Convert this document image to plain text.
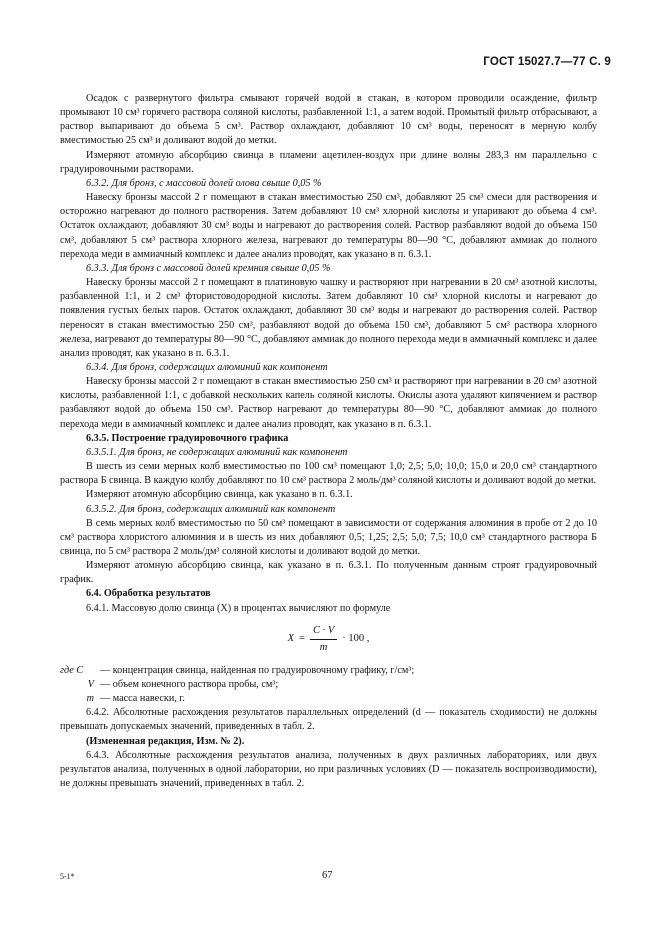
ГОСТ 15027.7—77 С. 9

Осадок с развернутого фильтра смывают горячей водой в стакан, в котором проводили осаждение, фильтр промывают 10 см³ горячего раствора соляной кислоты, разбавленной 1:1, а затем водой. Промытый фильтр отбрасывают, а раствор выпаривают до объема 5 см³. Раствор охлаждают, добавляют 10 см³ воды, переносят в мерную колбу вместимостью 25 см³ и доливают водой до метки.

Измеряют атомную абсорбцию свинца в пламени ацетилен-воздух при длине волны 283,3 нм параллельно с градуировочными растворами.

6.3.2. Для бронз, с массовой долей олова свыше 0,05 %

Навеску бронзы массой 2 г помещают в стакан вместимостью 250 см³, добавляют 25 см³ смеси для растворения и осторожно нагревают до полного растворения. Затем добавляют 10 см³ хлорной кислоты и упаривают до объема 4 см³. Остаток охлаждают, добавляют 30 см³ воды и нагревают до растворения солей. Раствор разбавляют водой до объема 150 см³, добавляют 5 см³ раствора хлорного железа, нагревают до температуры 80—90 °С, добавляют аммиак до полного перехода меди в аммиачный комплекс и далее анализ проводят, как указано в п. 6.3.1.

6.3.3. Для бронз с массовой долей кремния свыше 0,05 %

Навеску бронзы массой 2 г помещают в платиновую чашку и растворяют при нагревании в 20 см³ азотной кислоты, разбавленной 1:1, и 2 см³ фтористоводородной кислоты. Затем добавляют 10 см³ хлорной кислоты и нагревают до появления густых белых паров. Остаток охлаждают, добавляют 30 см³ воды и нагревают до растворения солей. Раствор переносят в стакан вместимостью 250 см³, разбавляют водой до объема 150 см³, добавляют 5 см³ раствора хлорного железа, нагревают до температуры 80—90 °С, добавляют аммиак до полного перехода меди в аммиачный комплекс и далее анализ проводят, как указано в п. 6.3.1.

6.3.4. Для бронз, содержащих алюминий как компонент

Навеску бронзы массой 2 г помещают в стакан вместимостью 250 см³ и растворяют при нагревании в 20 см³ азотной кислоты, разбавленной 1:1, с добавкой нескольких капель соляной кислоты. Окислы азота удаляют кипячением и раствор разбавляют водой до объема 150 см³. Раствор нагревают до температуры 80—90 °С, добавляют аммиак до полного перехода меди в аммиачный комплекс и далее анализ проводят, как указано в п. 6.3.1.

6.3.5. Построение градуировочного графика

6.3.5.1. Для бронз, не содержащих алюминий как компонент

В шесть из семи мерных колб вместимостью по 100 см³ помещают 1,0; 2,5; 5,0; 10,0; 15,0 и 20,0 см³ стандартного раствора Б свинца. В каждую колбу добавляют по 10 см³ раствора 2 моль/дм³ соляной кислоты и доливают водой до метки.

Измеряют атомную абсорбцию свинца, как указано в п. 6.3.1.

6.3.5.2. Для бронз, содержащих алюминий как компонент

В семь мерных колб вместимостью по 50 см³ помещают в зависимости от содержания алюминия в пробе от 2 до 10 см³ раствора хлористого алюминия и в шесть из них добавляют 0,5; 1,25; 2,5; 5,0; 7,5; 10,0 см³ стандартного раствора Б свинца, по 5 см³ раствора 2 моль/дм³ соляной кислоты и доливают водой до метки.

Измеряют атомную абсорбцию свинца, как указано в п. 6.3.1. По полученным данным строят градуировочный график.

6.4. Обработка результатов

6.4.1. Массовую долю свинца (X) в процентах вычисляют по формуле

$X = \frac{C \cdot V}{m} \cdot 100$ ,
где C	— концентрация свинца, найденная по градуировочному графику, г/см³;
V — объем конечного раствора пробы, см³;
m — масса навески, г.

6.4.2. Абсолютные расхождения результатов параллельных определений (d — показатель сходимости) не должны превышать допускаемых значений, приведенных в табл. 2.

(Измененная редакция, Изм. № 2).

6.4.3. Абсолютные расхождения результатов анализа, полученных в двух различных лабораториях, или двух результатов анализа, полученных в одной лаборатории, но при различных условиях (D — показатель воспроизводимости), не должны превышать значений, приведенных в табл. 2.

5-1*	67
